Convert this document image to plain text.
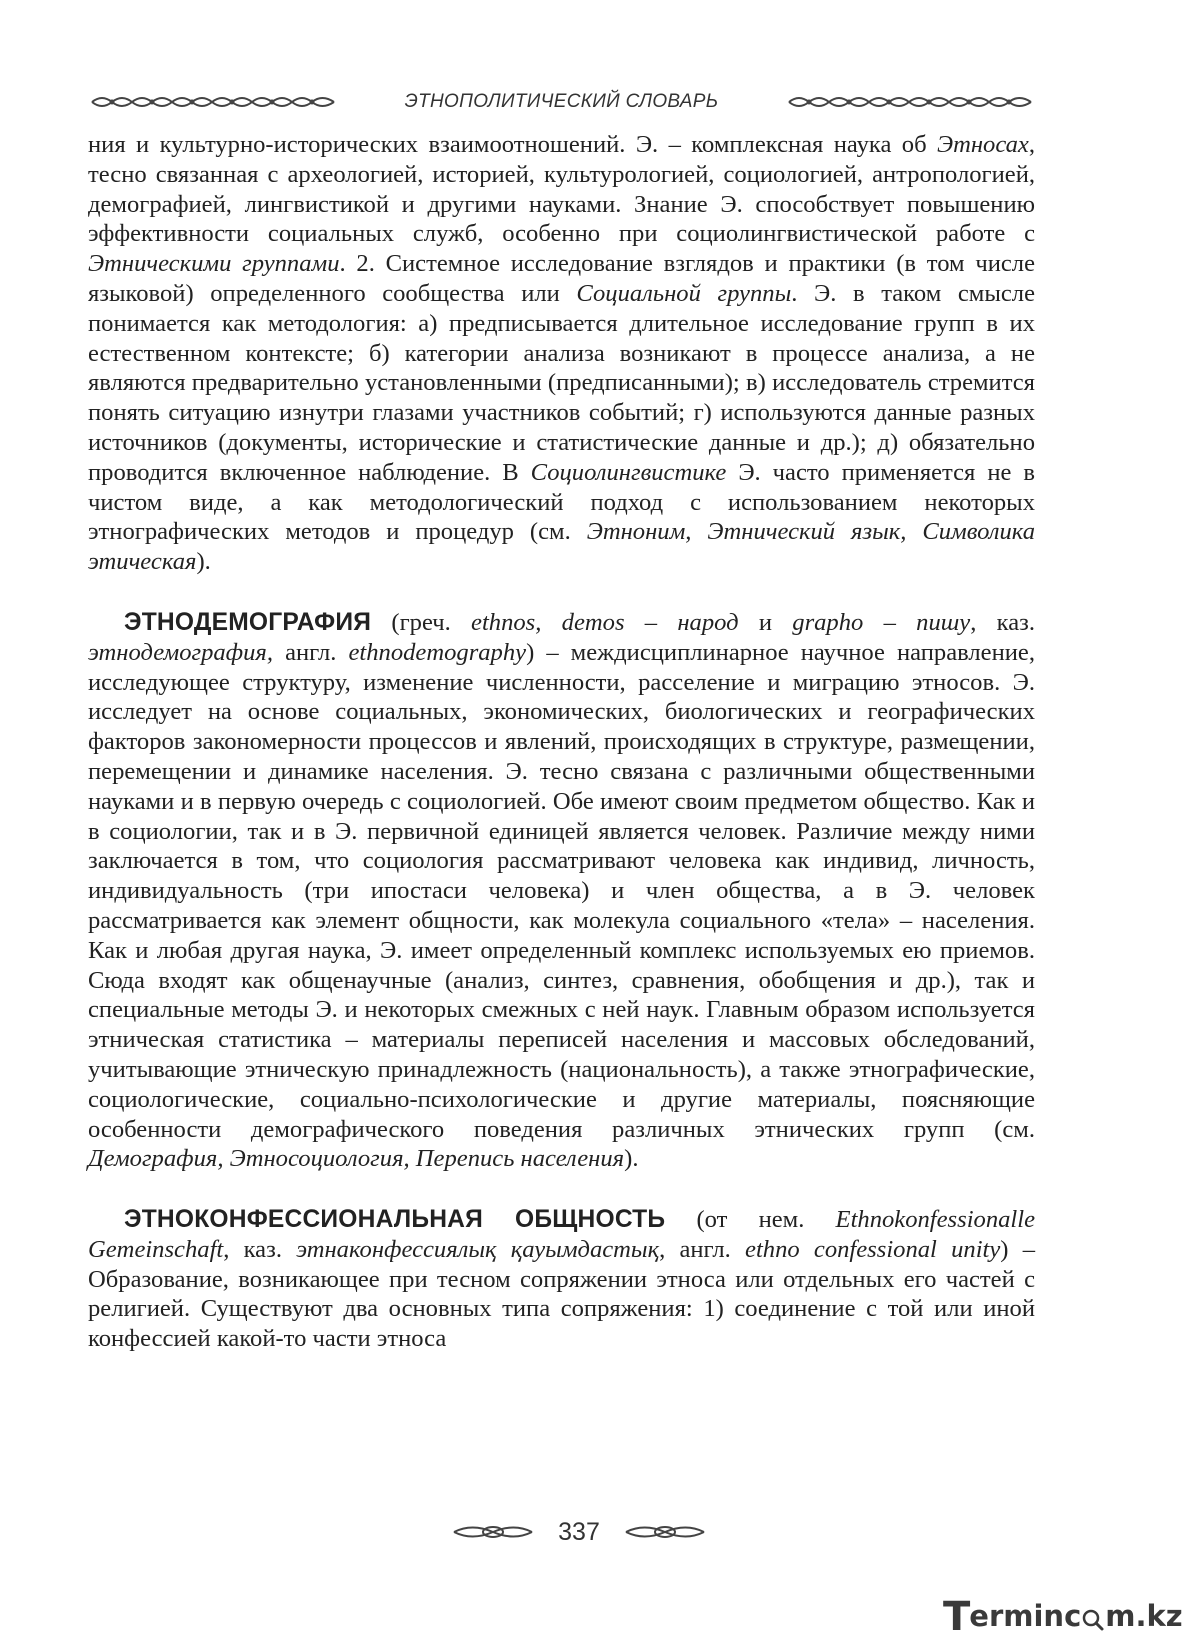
ЭТНОПОЛИТИЧЕСКИЙ СЛОВАРЬ

ния и культурно-исторических взаимоотношений. Э. – комплексная наука об Этносах, тесно связанная с археологией, историей, культурологией, социологией, антропологией, демографией, лингвистикой и другими науками. Знание Э. способствует повышению эффективности социальных служб, особенно при социолингвистической работе с Этническими группами. 2. Системное исследование взглядов и практики (в том числе языковой) определенного сообщества или Социальной группы. Э. в таком смысле понимается как методология: а) предписывается длительное исследование групп в их естественном контексте; б) категории анализа возникают в процессе анализа, а не являются предварительно установленными (предписанными); в) исследователь стремится понять ситуацию изнутри глазами участников событий; г) используются данные разных источников (документы, исторические и статистические данные и др.); д) обязательно проводится включенное наблюдение. В Социолингвистике Э. часто применяется не в чистом виде, а как методологический подход с использованием некоторых этнографических методов и процедур (см. Этноним, Этнический язык, Символика этическая).

ЭТНОДЕМОГРАФИЯ (греч. ethnos, demos – народ и grapho – пишу, каз. этнодемография, англ. ethnodemography) – междисциплинарное научное направление, исследующее структуру, изменение численности, расселение и миграцию этносов. Э. исследует на основе социальных, экономических, биологических и географических факторов закономерности процессов и явлений, происходящих в структуре, размещении, перемещении и динамике населения. Э. тесно связана с различными общественными науками и в первую очередь с социологией. Обе имеют своим предметом общество. Как и в социологии, так и в Э. первичной единицей является человек. Различие между ними заключается в том, что социология рассматривают человека как индивид, личность, индивидуальность (три ипостаси человека) и член общества, а в Э. человек рассматривается как элемент общности, как молекула социального «тела» – населения. Как и любая другая наука, Э. имеет определенный комплекс используемых ею приемов. Сюда входят как общенаучные (анализ, синтез, сравнения, обобщения и др.), так и специальные методы Э. и некоторых смежных с ней наук. Главным образом используется этническая статистика – материалы переписей населения и массовых обследований, учитывающие этническую принадлежность (национальность), а также этнографические, социологические, социально-психологические и другие материалы, поясняющие особенности демографического поведения различных этнических групп (см. Демография, Этносоциология, Перепись населения).

ЭТНОКОНФЕССИОНАЛЬНАЯ ОБЩНОСТЬ (от нем. Ethnokonfessionalle Gemeinschaft, каз. этнаконфессиялық қауымдастық, англ. ethno confessional unity) – Образование, возникающее при тесном сопряжении этноса или отдельных его частей с религией. Существуют два основных типа сопряжения: 1) соединение с той или иной конфессией какой-то части этноса

337
T erminc m.kz
